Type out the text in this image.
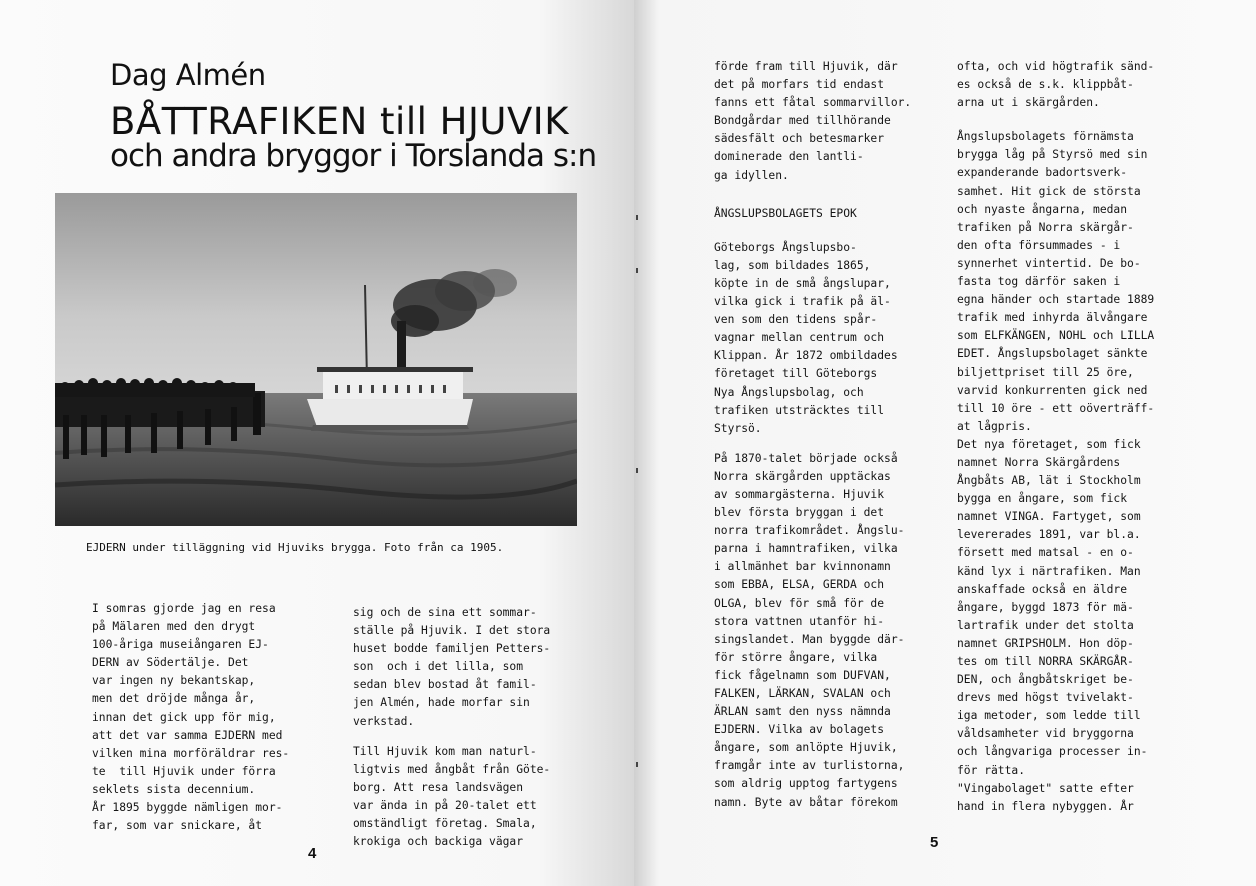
Dag Almén
BÅTTRAFIKEN till HJUVIK
och andra bryggor i Torslanda s:n
EJDERN under tilläggning vid Hjuviks brygga. Foto från ca 1905.

I somras gjorde jag en resa

på Mälaren med den drygt

100-åriga museiångaren EJ-

DERN av Södertälje. Det

var ingen ny bekantskap,

men det dröjde många år,

innan det gick upp för mig,

att det var samma EJDERN med

vilken mina morföräldrar res-

te  till Hjuvik under förra

seklets sista decennium.

År 1895 byggde nämligen mor-

far, som var snickare, åt

sig och de sina ett sommar-

ställe på Hjuvik. I det stora

huset bodde familjen Petters-

son  och i det lilla, som

sedan blev bostad åt famil-

jen Almén, hade morfar sin

verkstad.

Till Hjuvik kom man naturl-

ligtvis med ångbåt från Göte-

borg. Att resa landsvägen

var ända in på 20-talet ett

omständligt företag. Smala,

krokiga och backiga vägar

4

förde fram till Hjuvik, där

det på morfars tid endast

fanns ett fåtal sommarvillor.

Bondgårdar med tillhörande

sädesfält och betesmarker

dominerade den lantli-

ga idyllen.

ÅNGSLUPSBOLAGETS EPOK

Göteborgs Ångslupsbo-

lag, som bildades 1865,

köpte in de små ångslupar,

vilka gick i trafik på äl-

ven som den tidens spår-

vagnar mellan centrum och

Klippan. År 1872 ombildades

företaget till Göteborgs

Nya Ångslupsbolag, och

trafiken utsträcktes till

Styrsö.

På 1870-talet började också

Norra skärgården upptäckas

av sommargästerna. Hjuvik

blev första bryggan i det

norra trafikområdet. Ångslu-

parna i hamntrafiken, vilka

i allmänhet bar kvinnonamn

som EBBA, ELSA, GERDA och

OLGA, blev för små för de

stora vattnen utanför hi-

singslandet. Man byggde där-

för större ångare, vilka

fick fågelnamn som DUFVAN,

FALKEN, LÄRKAN, SVALAN och

ÄRLAN samt den nyss nämnda

EJDERN. Vilka av bolagets

ångare, som anlöpte Hjuvik,

framgår inte av turlistorna,

som aldrig upptog fartygens

namn. Byte av båtar förekom

ofta, och vid högtrafik sänd-

es också de s.k. klippbåt-

arna ut i skärgården.

Ångslupsbolagets förnämsta

brygga låg på Styrsö med sin

expanderande badortsverk-

samhet. Hit gick de största

och nyaste ångarna, medan

trafiken på Norra skärgår-

den ofta försummades - i

synnerhet vintertid. De bo-

fasta tog därför saken i

egna händer och startade 1889

trafik med inhyrda älvångare

som ELFKÄNGEN, NOHL och LILLA

EDET. Ångslupsbolaget sänkte

biljettpriset till 25 öre,

varvid konkurrenten gick ned

till 10 öre - ett oöverträff-

at lågpris.

Det nya företaget, som fick

namnet Norra Skärgårdens

Ångbåts AB, lät i Stockholm

bygga en ångare, som fick

namnet VINGA. Fartyget, som

levererades 1891, var bl.a.

försett med matsal - en o-

känd lyx i närtrafiken. Man

anskaffade också en äldre

ångare, byggd 1873 för mä-

lartrafik under det stolta

namnet GRIPSHOLM. Hon döp-

tes om till NORRA SKÄRGÅR-

DEN, och ångbåtskriget be-

drevs med högst tvivelakt-

iga metoder, som ledde till

våldsamheter vid bryggorna

och långvariga processer in-

för rätta.

"Vingabolaget" satte efter

hand in flera nybyggen. År

5
